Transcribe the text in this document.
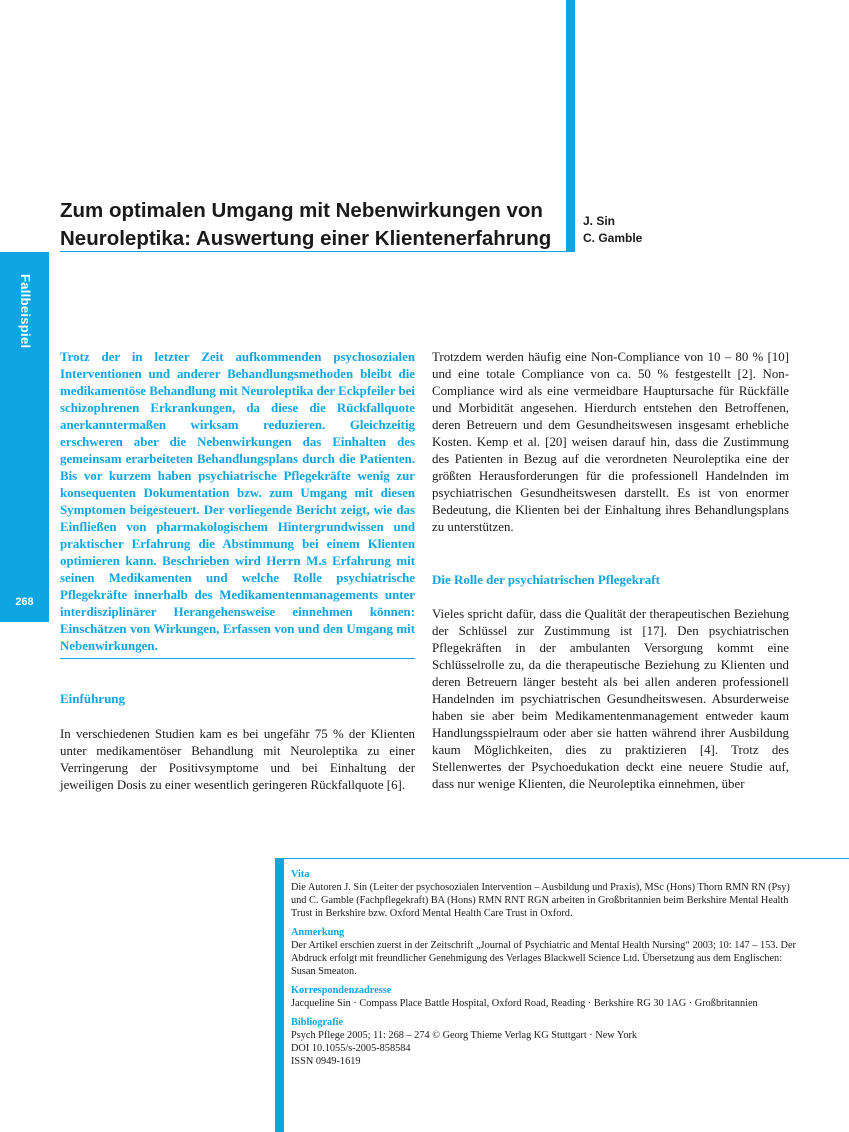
Zum optimalen Umgang mit Nebenwirkungen von Neuroleptika: Auswertung einer Klientenerfahrung
J. Sin
C. Gamble
Fallbeispiel
268

Trotz der in letzter Zeit aufkommenden psychosozialen Interventionen und anderer Behandlungsmethoden bleibt die medikamentöse Behandlung mit Neuroleptika der Eckpfeiler bei schizophrenen Erkrankungen, da diese die Rückfallquote anerkanntermaßen wirksam reduzieren. Gleichzeitig erschweren aber die Nebenwirkungen das Einhalten des gemeinsam erarbeiteten Behandlungsplans durch die Patienten. Bis vor kurzem haben psychiatrische Pflegekräfte wenig zur konsequenten Dokumentation bzw. zum Umgang mit diesen Symptomen beigesteuert. Der vorliegende Bericht zeigt, wie das Einfließen von pharmakologischem Hintergrundwissen und praktischer Erfahrung die Abstimmung bei einem Klienten optimieren kann. Beschrieben wird Herrn M.s Erfahrung mit seinen Medikamenten und welche Rolle psychiatrische Pflegekräfte innerhalb des Medikamentenmanagements unter interdisziplinärer Herangehensweise einnehmen können: Einschätzen von Wirkungen, Erfassen von und den Umgang mit Nebenwirkungen.

Einführung

In verschiedenen Studien kam es bei ungefähr 75 % der Klienten unter medikamentöser Behandlung mit Neuroleptika zu einer Verringerung der Positivsymptome und bei Einhaltung der jeweiligen Dosis zu einer wesentlich geringeren Rückfallquote [6].

Trotzdem werden häufig eine Non-Compliance von 10 – 80 % [10] und eine totale Compliance von ca. 50 % festgestellt [2]. Non-Compliance wird als eine vermeidbare Hauptursache für Rückfälle und Morbidität angesehen. Hierdurch entstehen den Betroffenen, deren Betreuern und dem Gesundheitswesen insgesamt erhebliche Kosten. Kemp et al. [20] weisen darauf hin, dass die Zustimmung des Patienten in Bezug auf die verordneten Neuroleptika eine der größten Herausforderungen für die professionell Handelnden im psychiatrischen Gesundheitswesen darstellt. Es ist von enormer Bedeutung, die Klienten bei der Einhaltung ihres Behandlungsplans zu unterstützen.

Die Rolle der psychiatrischen Pflegekraft

Vieles spricht dafür, dass die Qualität der therapeutischen Beziehung der Schlüssel zur Zustimmung ist [17]. Den psychiatrischen Pflegekräften in der ambulanten Versorgung kommt eine Schlüsselrolle zu, da die therapeutische Beziehung zu Klienten und deren Betreuern länger besteht als bei allen anderen professionell Handelnden im psychiatrischen Gesundheitswesen. Absurderweise haben sie aber beim Medikamentenmanagement entweder kaum Handlungsspielraum oder aber sie hatten während ihrer Ausbildung kaum Möglichkeiten, dies zu praktizieren [4]. Trotz des Stellenwertes der Psychoedukation deckt eine neuere Studie auf, dass nur wenige Klienten, die Neuroleptika einnehmen, über

Vita
Die Autoren J. Sin (Leiter der psychosozialen Intervention – Ausbildung und Praxis), MSc (Hons) Thorn RMN RN (Psy) und C. Gamble (Fachpflegekraft) BA (Hons) RMN RNT RGN arbeiten in Großbritannien beim Berkshire Mental Health Trust in Berkshire bzw. Oxford Mental Health Care Trust in Oxford.
Anmerkung
Der Artikel erschien zuerst in der Zeitschrift „Journal of Psychiatric and Mental Health Nursing“ 2003; 10: 147 – 153. Der Abdruck erfolgt mit freundlicher Genehmigung des Verlages Blackwell Science Ltd. Übersetzung aus dem Englischen: Susan Smeaton.
Korrespondenzadresse
Jacqueline Sin · Compass Place Battle Hospital, Oxford Road, Reading · Berkshire RG 30 1AG · Großbritannien
Bibliografie
Psych Pflege 2005; 11: 268 – 274 © Georg Thieme Verlag KG Stuttgart · New York
DOI 10.1055/s-2005-858584
ISSN 0949-1619
